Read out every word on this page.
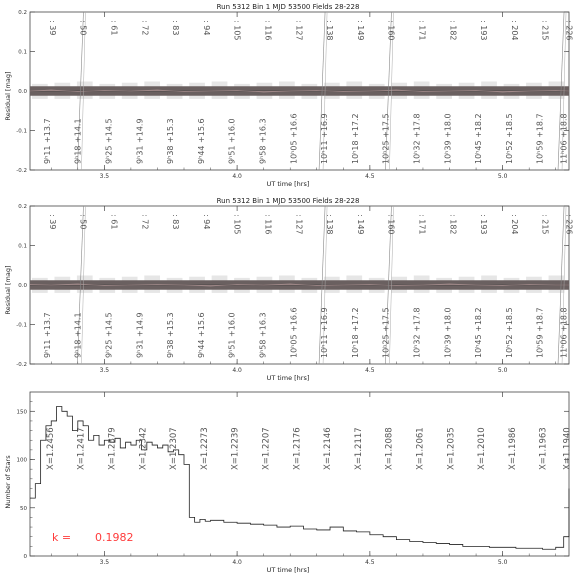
Run 5312 Bin 1 MJD 53500 Fields 28-228
UT time [hrs]
Residual [mag]
3.5	4.0	4.5	5.0
-0.2
-0.1
0.0
0.1
0.2
: 39	: 50	: 61	: 72	: 83	: 94	: 105	: 116	: 127	: 138	: 149	: 160	: 171	: 182	: 193	: 204	: 215 : 226
9ʰ11 +13.7	9ʰ18 +14.1	9ʰ25 +14.5	9ʰ31 +14.9	9ʰ38 +15.3	9ʰ44 +15.6	9ʰ51 +16.0	9ʰ58 +16.3	10ʰ05 +16.6	10ʰ11 +16.9	10ʰ18 +17.2	10ʰ25 +17.5	10ʰ32 +17.8	10ʰ39 +18.0	10ʰ45 +18.2	10ʰ52 +18.5	10ʰ59 +18.7 11ʰ06 +18.8
Run 5312 Bin 1 MJD 53500 Fields 28-228
UT time [hrs]
Residual [mag]
3.5	4.0	4.5	5.0
-0.2
-0.1
0.0
0.1
0.2
: 39	: 50	: 61	: 72	: 83	: 94	: 105	: 116	: 127	: 138	: 149	: 160	: 171	: 182	: 193	: 204	: 215 : 226
9ʰ11 +13.7	9ʰ18 +14.1	9ʰ25 +14.5	9ʰ31 +14.9	9ʰ38 +15.3	9ʰ44 +15.6	9ʰ51 +16.0	9ʰ58 +16.3	10ʰ05 +16.6	10ʰ11 +16.9	10ʰ18 +17.2	10ʰ25 +17.5	10ʰ32 +17.8	10ʰ39 +18.0	10ʰ45 +18.2	10ʰ52 +18.5	10ʰ59 +18.7 11ʰ06 +18.8
UT time [hrs]
Number of Stars
k = 0.1982
3.5	4.0	4.5	5.0
0
50
100
150
X=1.2456 X=1.2417 X=1.2379 X=1.2342 X=1.2307 X=1.2273 X=1.2239 X=1.2207 X=1.2176 X=1.2146 X=1.2117 X=1.2088 X=1.2061 X=1.2035 X=1.2010 X=1.1986 X=1.1963 X=1.1940
